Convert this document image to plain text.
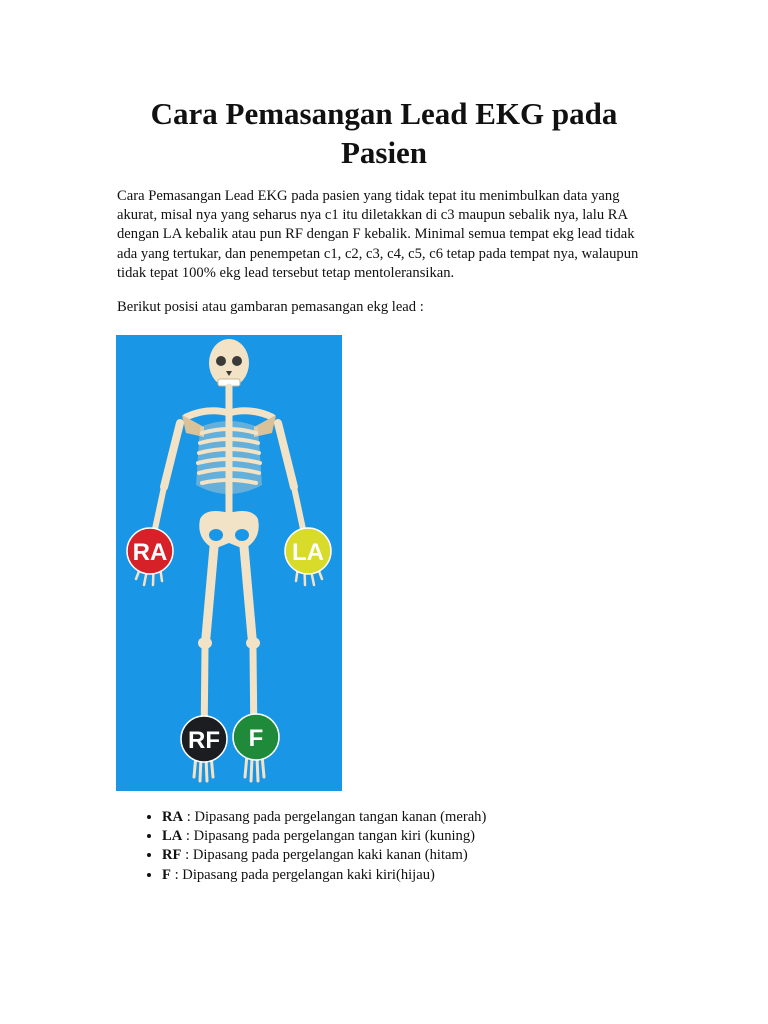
Cara Pemasangan Lead EKG pada Pasien

Cara Pemasangan Lead EKG pada pasien yang tidak tepat itu menimbulkan data yang akurat, misal nya yang seharus nya c1 itu diletakkan di c3 maupun sebalik nya, lalu RA dengan LA kebalik atau pun RF dengan F kebalik. Minimal semua tempat ekg lead tidak ada yang tertukar, dan penempetan c1, c2, c3, c4, c5, c6 tetap pada tempat nya, walaupun tidak tepat 100% ekg lead tersebut tetap mentoleransikan.

Berikut posisi atau gambaran pemasangan ekg lead :

RA	LA
RF F
• RA : Dipasang pada pergelangan tangan kanan (merah)
• LA : Dipasang pada pergelangan tangan kiri (kuning)
• RF : Dipasang pada pergelangan kaki kanan (hitam)
• F : Dipasang pada pergelangan kaki kiri(hijau)
